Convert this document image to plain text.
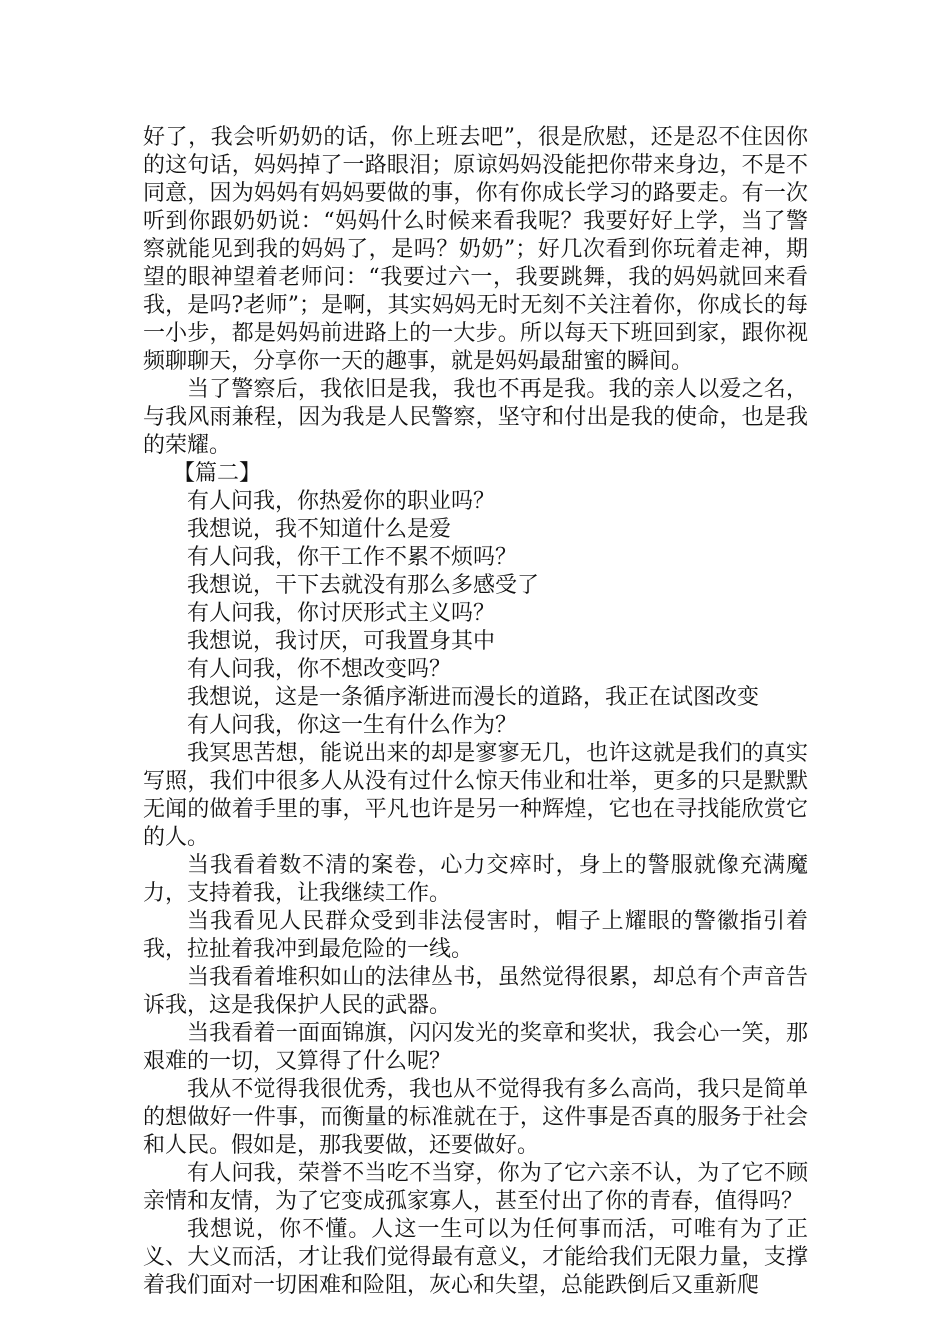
好了，我会听奶奶的话，你上班去吧”，很是欣慰，还是忍不住因你的这句话，妈妈掉了一路眼泪；原谅妈妈没能把你带来身边，不是不同意，因为妈妈有妈妈要做的事，你有你成长学习的路要走。有一次听到你跟奶奶说：“妈妈什么时候来看我呢？我要好好上学，当了警察就能见到我的妈妈了，是吗？奶奶”；好几次看到你玩着走神，期望的眼神望着老师问：“我要过六一，我要跳舞，我的妈妈就回来看我，是吗?老师”；是啊，其实妈妈无时无刻不关注着你，你成长的每一小步，都是妈妈前进路上的一大步。所以每天下班回到家，跟你视频聊聊天，分享你一天的趣事，就是妈妈最甜蜜的瞬间。

当了警察后，我依旧是我，我也不再是我。我的亲人以爱之名，与我风雨兼程，因为我是人民警察，坚守和付出是我的使命，也是我的荣耀。

【篇二】

有人问我，你热爱你的职业吗？

我想说，我不知道什么是爱

有人问我，你干工作不累不烦吗？

我想说，干下去就没有那么多感受了

有人问我，你讨厌形式主义吗？

我想说，我讨厌，可我置身其中

有人问我，你不想改变吗？

我想说，这是一条循序渐进而漫长的道路，我正在试图改变

有人问我，你这一生有什么作为？

我冥思苦想，能说出来的却是寥寥无几，也许这就是我们的真实写照，我们中很多人从没有过什么惊天伟业和壮举，更多的只是默默无闻的做着手里的事，平凡也许是另一种辉煌，它也在寻找能欣赏它的人。

当我看着数不清的案卷，心力交瘁时，身上的警服就像充满魔力，支持着我，让我继续工作。

当我看见人民群众受到非法侵害时，帽子上耀眼的警徽指引着我，拉扯着我冲到最危险的一线。

当我看着堆积如山的法律丛书，虽然觉得很累，却总有个声音告诉我，这是我保护人民的武器。

当我看着一面面锦旗，闪闪发光的奖章和奖状，我会心一笑，那艰难的一切，又算得了什么呢？

我从不觉得我很优秀，我也从不觉得我有多么高尚，我只是简单的想做好一件事，而衡量的标准就在于，这件事是否真的服务于社会和人民。假如是，那我要做，还要做好。

有人问我，荣誉不当吃不当穿，你为了它六亲不认，为了它不顾亲情和友情，为了它变成孤家寡人，甚至付出了你的青春，值得吗？

我想说，你不懂。人这一生可以为任何事而活，可唯有为了正义、大义而活，才让我们觉得最有意义，才能给我们无限力量，支撑着我们面对一切困难和险阻，灰心和失望，总能跌倒后又重新爬
